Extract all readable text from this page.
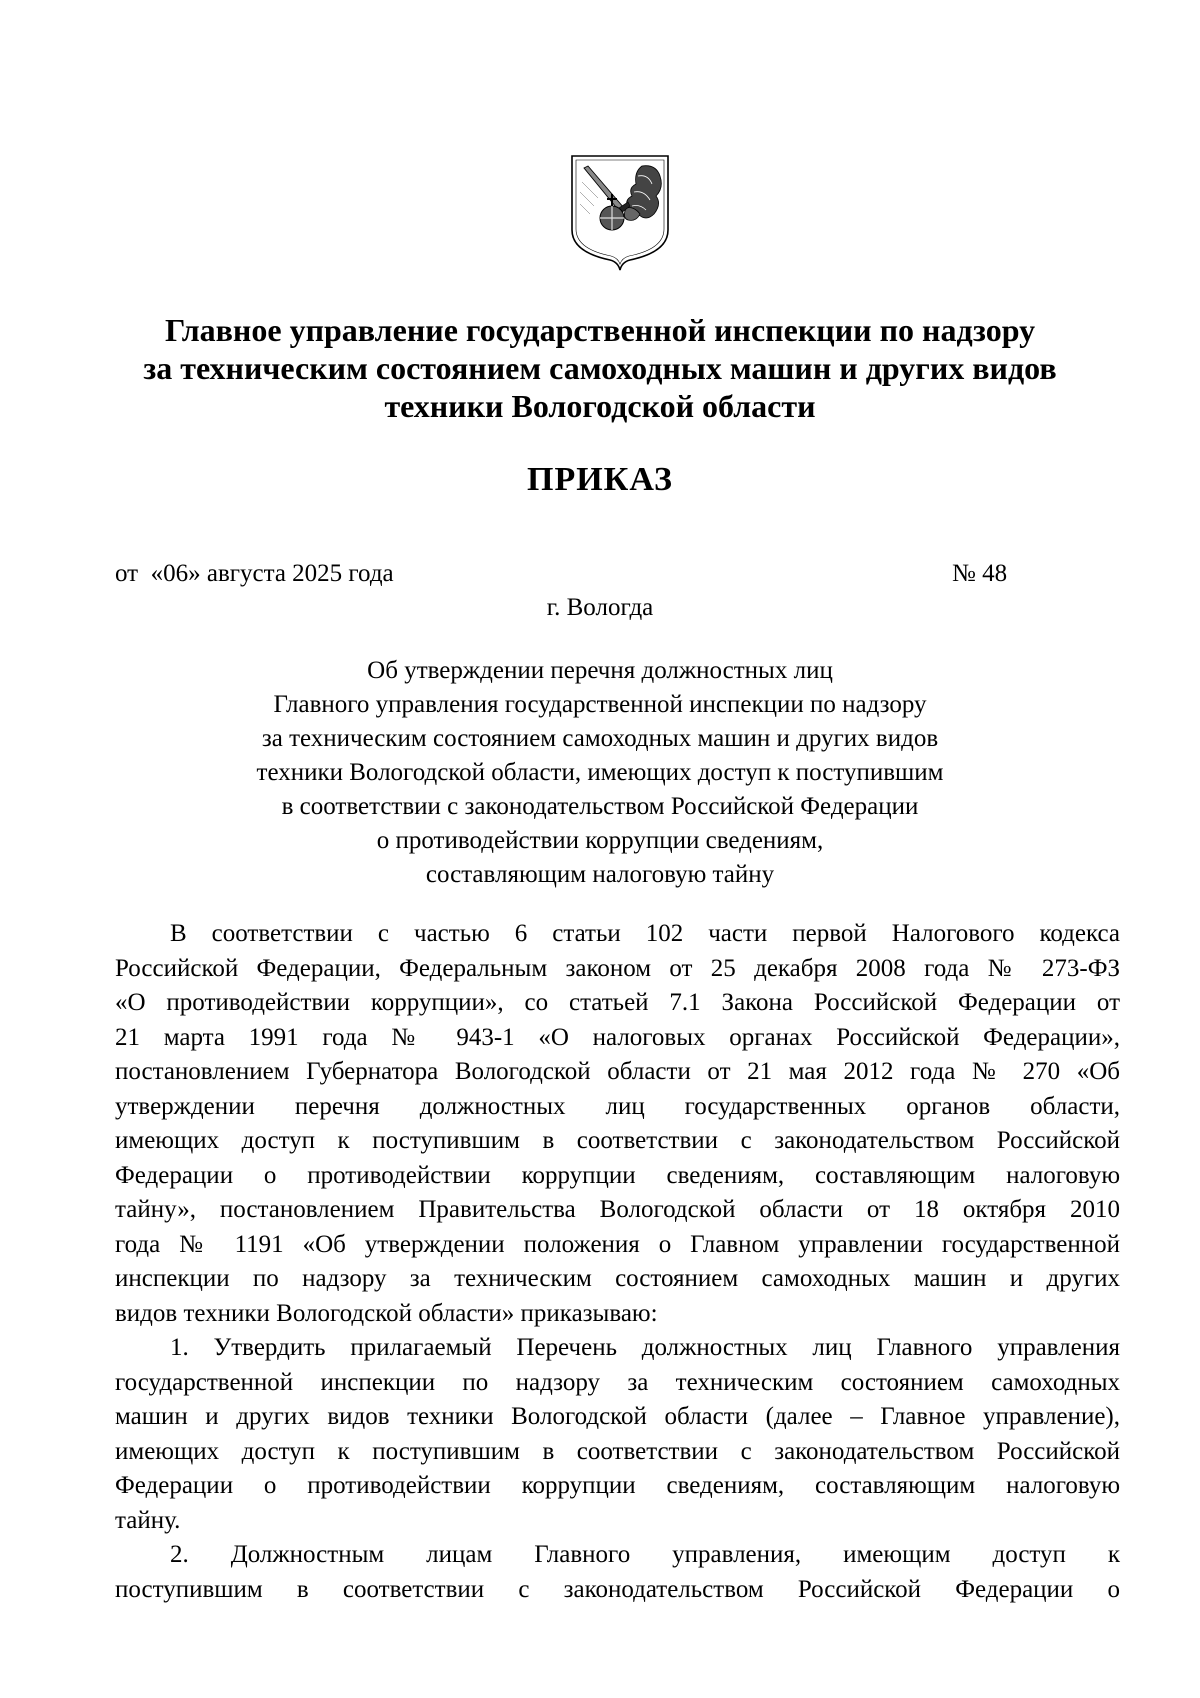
Главное управление государственной инспекции по надзору
за техническим состоянием самоходных машин и других видов
техники Вологодской области
ПРИКАЗ
от  «06» августа 2025 года	№ 48
г. Вологда
Об утверждении перечня должностных лиц
Главного управления государственной инспекции по надзору
за техническим состоянием самоходных машин и других видов
техники Вологодской области, имеющих доступ к поступившим
в соответствии с законодательством Российской Федерации
о противодействии коррупции сведениям,
составляющим налоговую тайну
В соответствии с частью 6 статьи 102 части первой Налогового кодекса
Российской Федерации, Федеральным законом от 25 декабря 2008 года № 273-ФЗ
«О противодействии коррупции», со статьей 7.1 Закона Российской Федерации от
21 марта 1991 года № 943-1 «О налоговых органах Российской Федерации»,
постановлением Губернатора Вологодской области от 21 мая 2012 года № 270 «Об
утверждении перечня должностных лиц государственных органов области,
имеющих доступ к поступившим в соответствии с законодательством Российской
Федерации о противодействии коррупции сведениям, составляющим налоговую
тайну», постановлением Правительства Вологодской области от 18 октября 2010
года № 1191 «Об утверждении положения о Главном управлении государственной
инспекции по надзору за техническим состоянием самоходных машин и других
видов техники Вологодской области» приказываю:
1. Утвердить прилагаемый Перечень должностных лиц Главного управления
государственной инспекции по надзору за техническим состоянием самоходных
машин и других видов техники Вологодской области (далее – Главное управление),
имеющих доступ к поступившим в соответствии с законодательством Российской
Федерации о противодействии коррупции сведениям, составляющим налоговую
тайну.
2. Должностным лицам Главного управления, имеющим доступ к
поступившим в соответствии с законодательством Российской Федерации о
